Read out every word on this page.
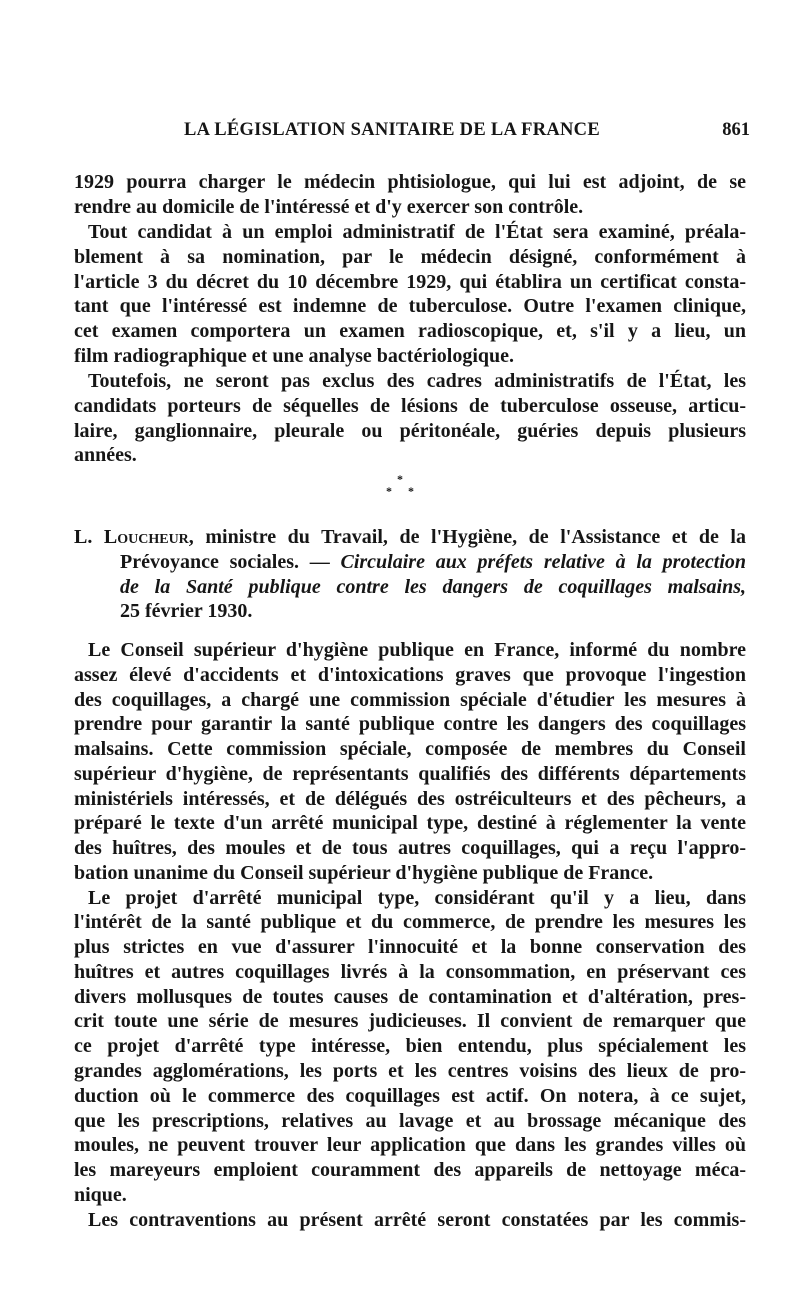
LA LÉGISLATION SANITAIRE DE LA FRANCE	861
1929 pourra charger le médecin phtisiologue, qui lui est adjoint, de se
rendre au domicile de l'intéressé et d'y exercer son contrôle.
Tout candidat à un emploi administratif de l'État sera examiné, préala-
blement à sa nomination, par le médecin désigné, conformément à
l'article 3 du décret du 10 décembre 1929, qui établira un certificat consta-
tant que l'intéressé est indemne de tuberculose. Outre l'examen clinique,
cet examen comportera un examen radioscopique, et, s'il y a lieu, un
film radiographique et une analyse bactériologique.
Toutefois, ne seront pas exclus des cadres administratifs de l'État, les
candidats porteurs de séquelles de lésions de tuberculose osseuse, articu-
laire, ganglionnaire, pleurale ou péritonéale, guéries depuis plusieurs
années.
*
* *
L. Loucheur, ministre du Travail, de l'Hygiène, de l'Assistance et de la
Prévoyance sociales. — Circulaire aux préfets relative à la protection
de la Santé publique contre les dangers de coquillages malsains,
25 février 1930.
Le Conseil supérieur d'hygiène publique en France, informé du nombre
assez élevé d'accidents et d'intoxications graves que provoque l'ingestion
des coquillages, a chargé une commission spéciale d'étudier les mesures à
prendre pour garantir la santé publique contre les dangers des coquillages
malsains. Cette commission spéciale, composée de membres du Conseil
supérieur d'hygiène, de représentants qualifiés des différents départements
ministériels intéressés, et de délégués des ostréiculteurs et des pêcheurs, a
préparé le texte d'un arrêté municipal type, destiné à réglementer la vente
des huîtres, des moules et de tous autres coquillages, qui a reçu l'appro-
bation unanime du Conseil supérieur d'hygiène publique de France.
Le projet d'arrêté municipal type, considérant qu'il y a lieu, dans
l'intérêt de la santé publique et du commerce, de prendre les mesures les
plus strictes en vue d'assurer l'innocuité et la bonne conservation des
huîtres et autres coquillages livrés à la consommation, en préservant ces
divers mollusques de toutes causes de contamination et d'altération, pres-
crit toute une série de mesures judicieuses. Il convient de remarquer que
ce projet d'arrêté type intéresse, bien entendu, plus spécialement les
grandes agglomérations, les ports et les centres voisins des lieux de pro-
duction où le commerce des coquillages est actif. On notera, à ce sujet,
que les prescriptions, relatives au lavage et au brossage mécanique des
moules, ne peuvent trouver leur application que dans les grandes villes où
les mareyeurs emploient couramment des appareils de nettoyage méca-
nique.
Les contraventions au présent arrêté seront constatées par les commis-
